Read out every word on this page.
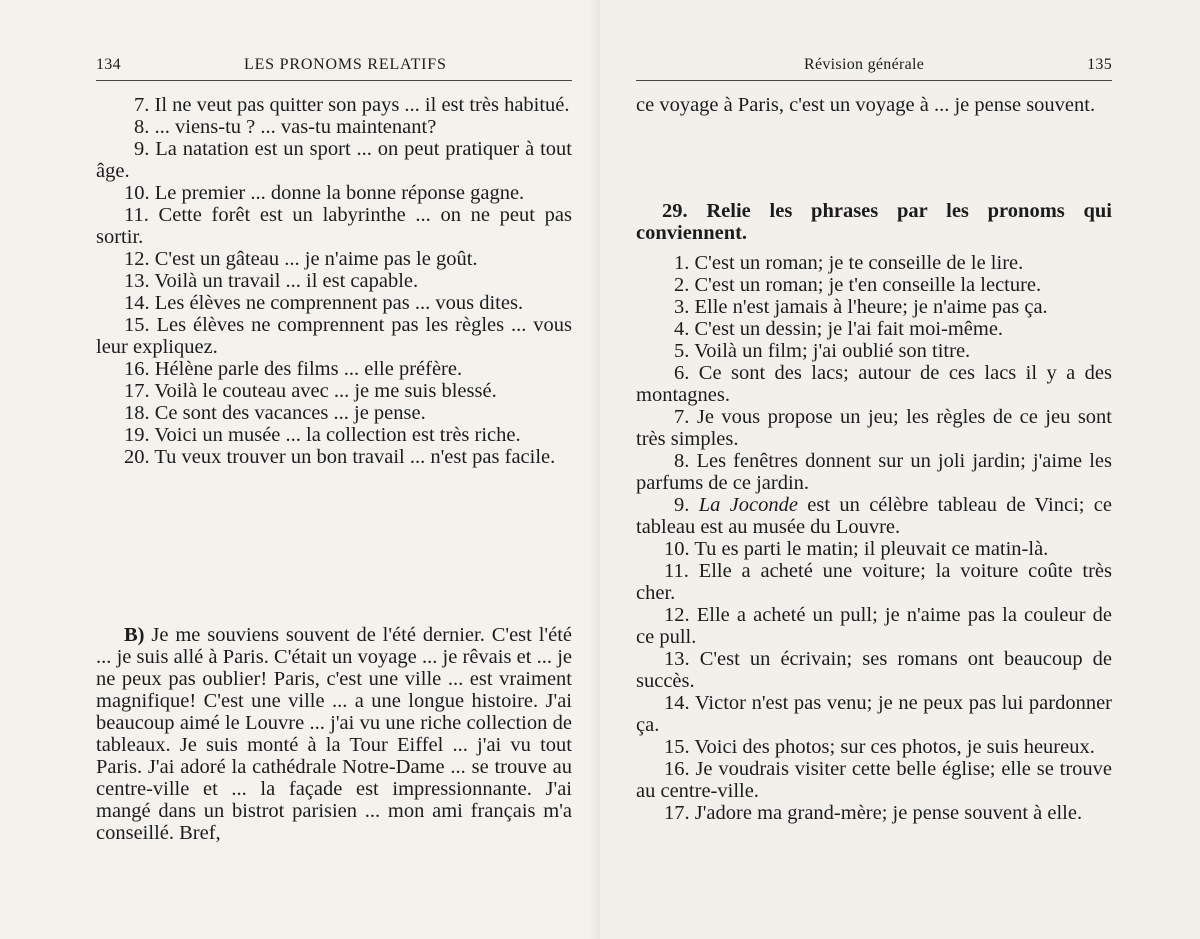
134	LES PRONOMS RELATIFS

7. Il ne veut pas quitter son pays ... il est très habitué.

8. ... viens-tu ? ... vas-tu maintenant?

9. La natation est un sport ... on peut pratiquer à tout âge.

10. Le premier ... donne la bonne réponse gagne.

11. Cette forêt est un labyrinthe ... on ne peut pas sortir.

12. C'est un gâteau ... je n'aime pas le goût.

13. Voilà un travail ... il est capable.

14. Les élèves ne comprennent pas ... vous dites.

15. Les élèves ne comprennent pas les règles ... vous leur expliquez.

16. Hélène parle des films ... elle préfère.

17. Voilà le couteau avec ... je me suis blessé.

18. Ce sont des vacances ... je pense.

19. Voici un musée ... la collection est très riche.

20. Tu veux trouver un bon travail ... n'est pas facile.

B) Je me souviens souvent de l'été dernier. C'est l'été ... je suis allé à Paris. C'était un voyage ... je rêvais et ... je ne peux pas oublier! Paris, c'est une ville ... est vraiment magnifique! C'est une ville ... a une longue histoire. J'ai beaucoup aimé le Louvre ... j'ai vu une riche collection de tableaux. Je suis monté à la Tour Eiffel ... j'ai vu tout Paris. J'ai adoré la cathédrale Notre-Dame ... se trouve au centre-ville et ... la façade est impressionnante. J'ai mangé dans un bistrot parisien ... mon ami français m'a conseillé. Bref,

Révision générale	135

ce voyage à Paris, c'est un voyage à ... je pense souvent.

29. Relie les phrases par les pronoms qui conviennent.

1. C'est un roman; je te conseille de le lire.

2. C'est un roman; je t'en conseille la lecture.

3. Elle n'est jamais à l'heure; je n'aime pas ça.

4. C'est un dessin; je l'ai fait moi-même.

5. Voilà un film; j'ai oublié son titre.

6. Ce sont des lacs; autour de ces lacs il y a des montagnes.

7. Je vous propose un jeu; les règles de ce jeu sont très simples.

8. Les fenêtres donnent sur un joli jardin; j'aime les parfums de ce jardin.

9. La Joconde est un célèbre tableau de Vinci; ce tableau est au musée du Louvre.

10. Tu es parti le matin; il pleuvait ce matin-là.

11. Elle a acheté une voiture; la voiture coûte très cher.

12. Elle a acheté un pull; je n'aime pas la couleur de ce pull.

13. C'est un écrivain; ses romans ont beaucoup de succès.

14. Victor n'est pas venu; je ne peux pas lui pardonner ça.

15. Voici des photos; sur ces photos, je suis heureux.

16. Je voudrais visiter cette belle église; elle se trouve au centre-ville.

17. J'adore ma grand-mère; je pense souvent à elle.
